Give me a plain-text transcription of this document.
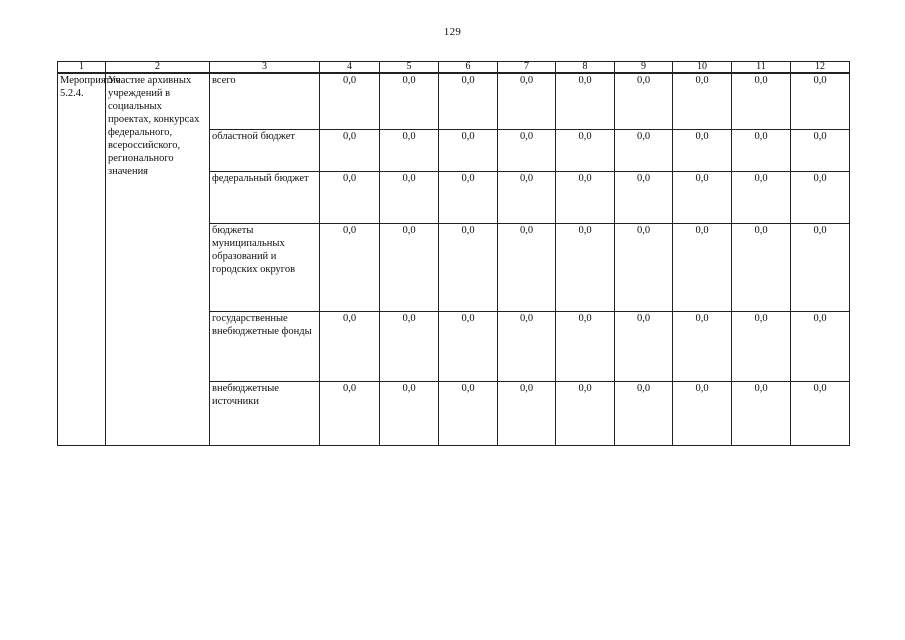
129
1	2	3	4	5	6	7	8	9	10	11	12
Мероприятие 5.2.4.	Участие архивных учреждений в социальных проектах, конкурсах федерального, всероссийского, регионального значения	всего	0,0	0,0	0,0	0,0	0,0	0,0	0,0	0,0	0,0
		областной бюджет	0,0	0,0	0,0	0,0	0,0	0,0	0,0	0,0	0,0
		федеральный бюджет	0,0	0,0	0,0	0,0	0,0	0,0	0,0	0,0	0,0
		бюджеты муниципальных образований и городских округов	0,0	0,0	0,0	0,0	0,0	0,0	0,0	0,0	0,0
		государственные внебюджетные фонды	0,0	0,0	0,0	0,0	0,0	0,0	0,0	0,0	0,0
		внебюджетные источники	0,0	0,0	0,0	0,0	0,0	0,0	0,0	0,0	0,0
